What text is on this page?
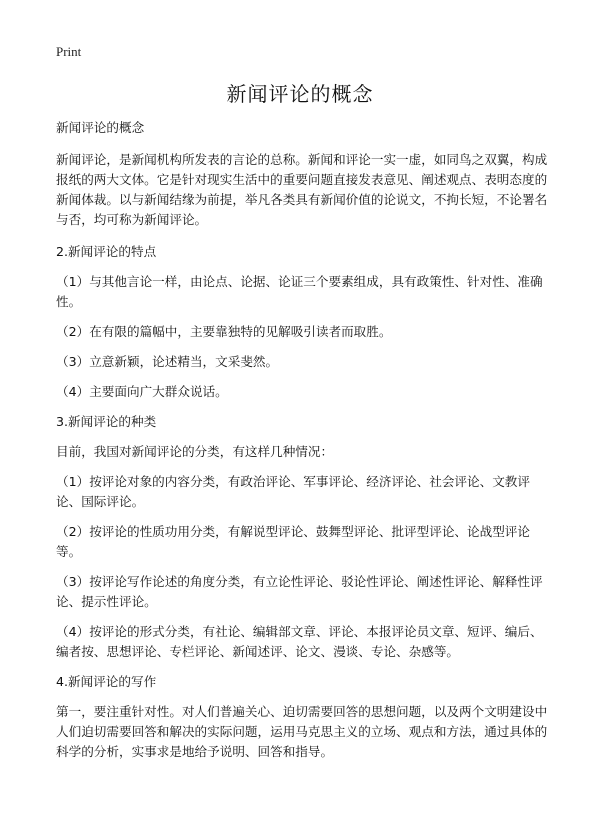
Print
新闻评论的概念
新闻评论的概念

新闻评论，是新闻机构所发表的言论的总称。新闻和评论一实一虚，如同鸟之双翼，构成报纸的两大文体。它是针对现实生活中的重要问题直接发表意见、阐述观点、表明态度的新闻体裁。以与新闻结缘为前提，举凡各类具有新闻价值的论说文，不拘长短，不论署名与否，均可称为新闻评论。

2.新闻评论的特点

（1）与其他言论一样，由论点、论据、论证三个要素组成，具有政策性、针对性、准确性。

（2）在有限的篇幅中，主要靠独特的见解吸引读者而取胜。

（3）立意新颖，论述精当，文采斐然。

（4）主要面向广大群众说话。

3.新闻评论的种类

目前，我国对新闻评论的分类，有这样几种情况：

（1）按评论对象的内容分类，有政治评论、军事评论、经济评论、社会评论、文教评论、国际评论。

（2）按评论的性质功用分类，有解说型评论、鼓舞型评论、批评型评论、论战型评论等。

（3）按评论写作论述的角度分类，有立论性评论、驳论性评论、阐述性评论、解释性评论、提示性评论。

（4）按评论的形式分类，有社论、编辑部文章、评论、本报评论员文章、短评、编后、编者按、思想评论、专栏评论、新闻述评、论文、漫谈、专论、杂感等。

4.新闻评论的写作

第一，要注重针对性。对人们普遍关心、迫切需要回答的思想问题，以及两个文明建设中人们迫切需要回答和解决的实际问题，运用马克思主义的立场、观点和方法，通过具体的科学的分析，实事求是地给予说明、回答和指导。
